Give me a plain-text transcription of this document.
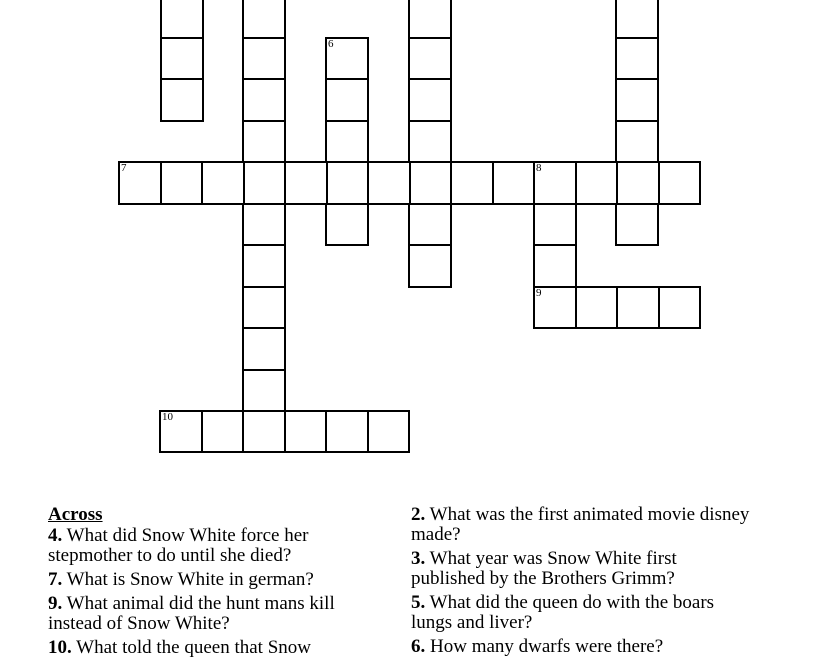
6
7	8
9
10
Across
4. What did Snow White force her stepmother to do until she died?
7. What is Snow White in german?
9. What animal did the hunt mans kill instead of Snow White?
10. What told the queen that Snow
2. What was the first animated movie disney made?
3. What year was Snow White first published by the Brothers Grimm?
5. What did the queen do with the boars lungs and liver?
6. How many dwarfs were there?
